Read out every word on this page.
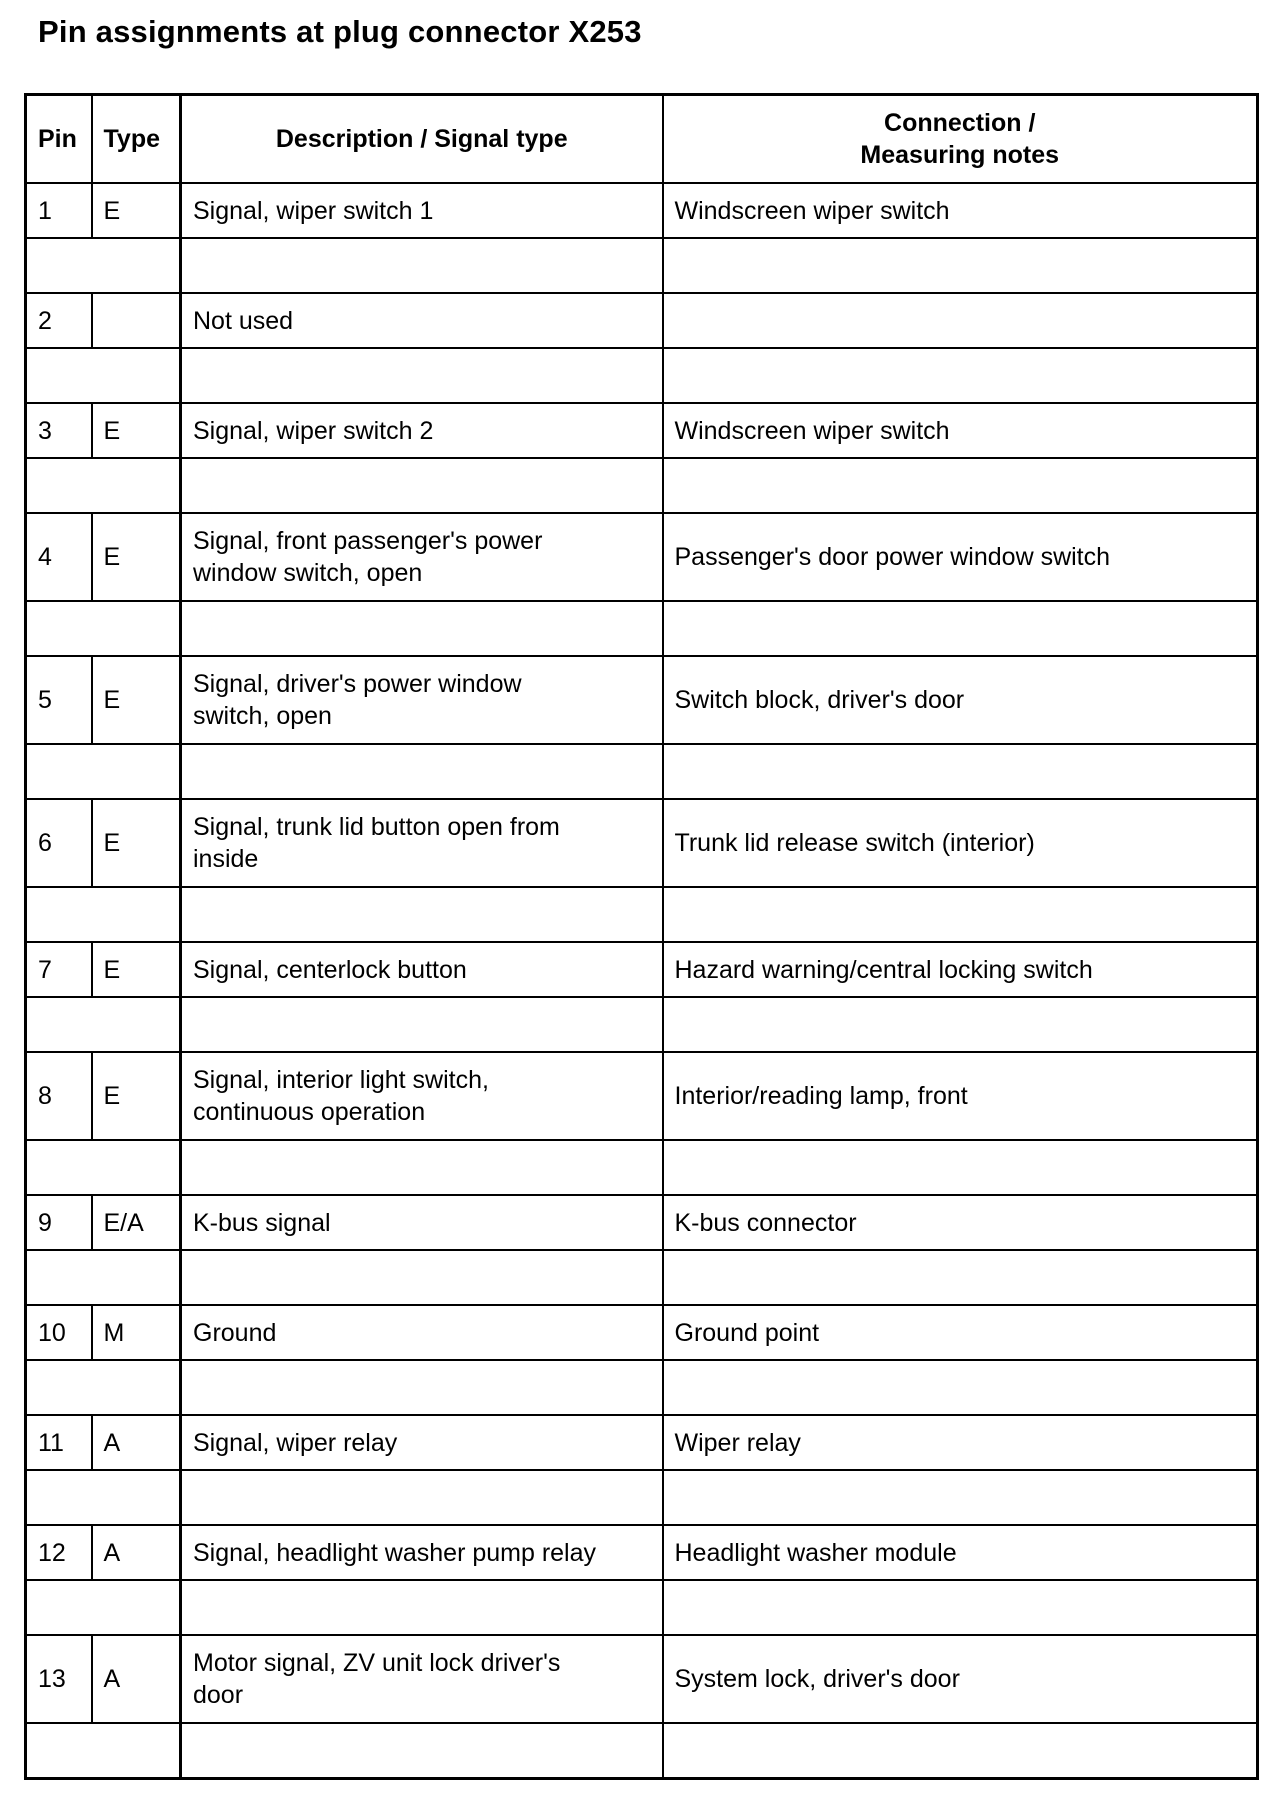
Pin assignments at plug connector X253
Pin	Type	Description / Signal type	Connection /
Measuring notes

1	E	Signal, wiper switch 1	Windscreen wiper switch

2		Not used	

3	E	Signal, wiper switch 2	Windscreen wiper switch

4	E	Signal, front passenger's power
window switch, open	Passenger's door power window switch

5	E	Signal, driver's power window
switch, open	Switch block, driver's door

6	E	Signal, trunk lid button open from
inside	Trunk lid release switch (interior)

7	E	Signal, centerlock button	Hazard warning/central locking switch

8	E	Signal, interior light switch,
continuous operation	Interior/reading lamp, front

9	E/A	K-bus signal	K-bus connector

10	M	Ground	Ground point

11	A	Signal, wiper relay	Wiper relay

12	A	Signal, headlight washer pump relay	Headlight washer module

13	A	Motor signal, ZV unit lock driver's
door	System lock, driver's door
